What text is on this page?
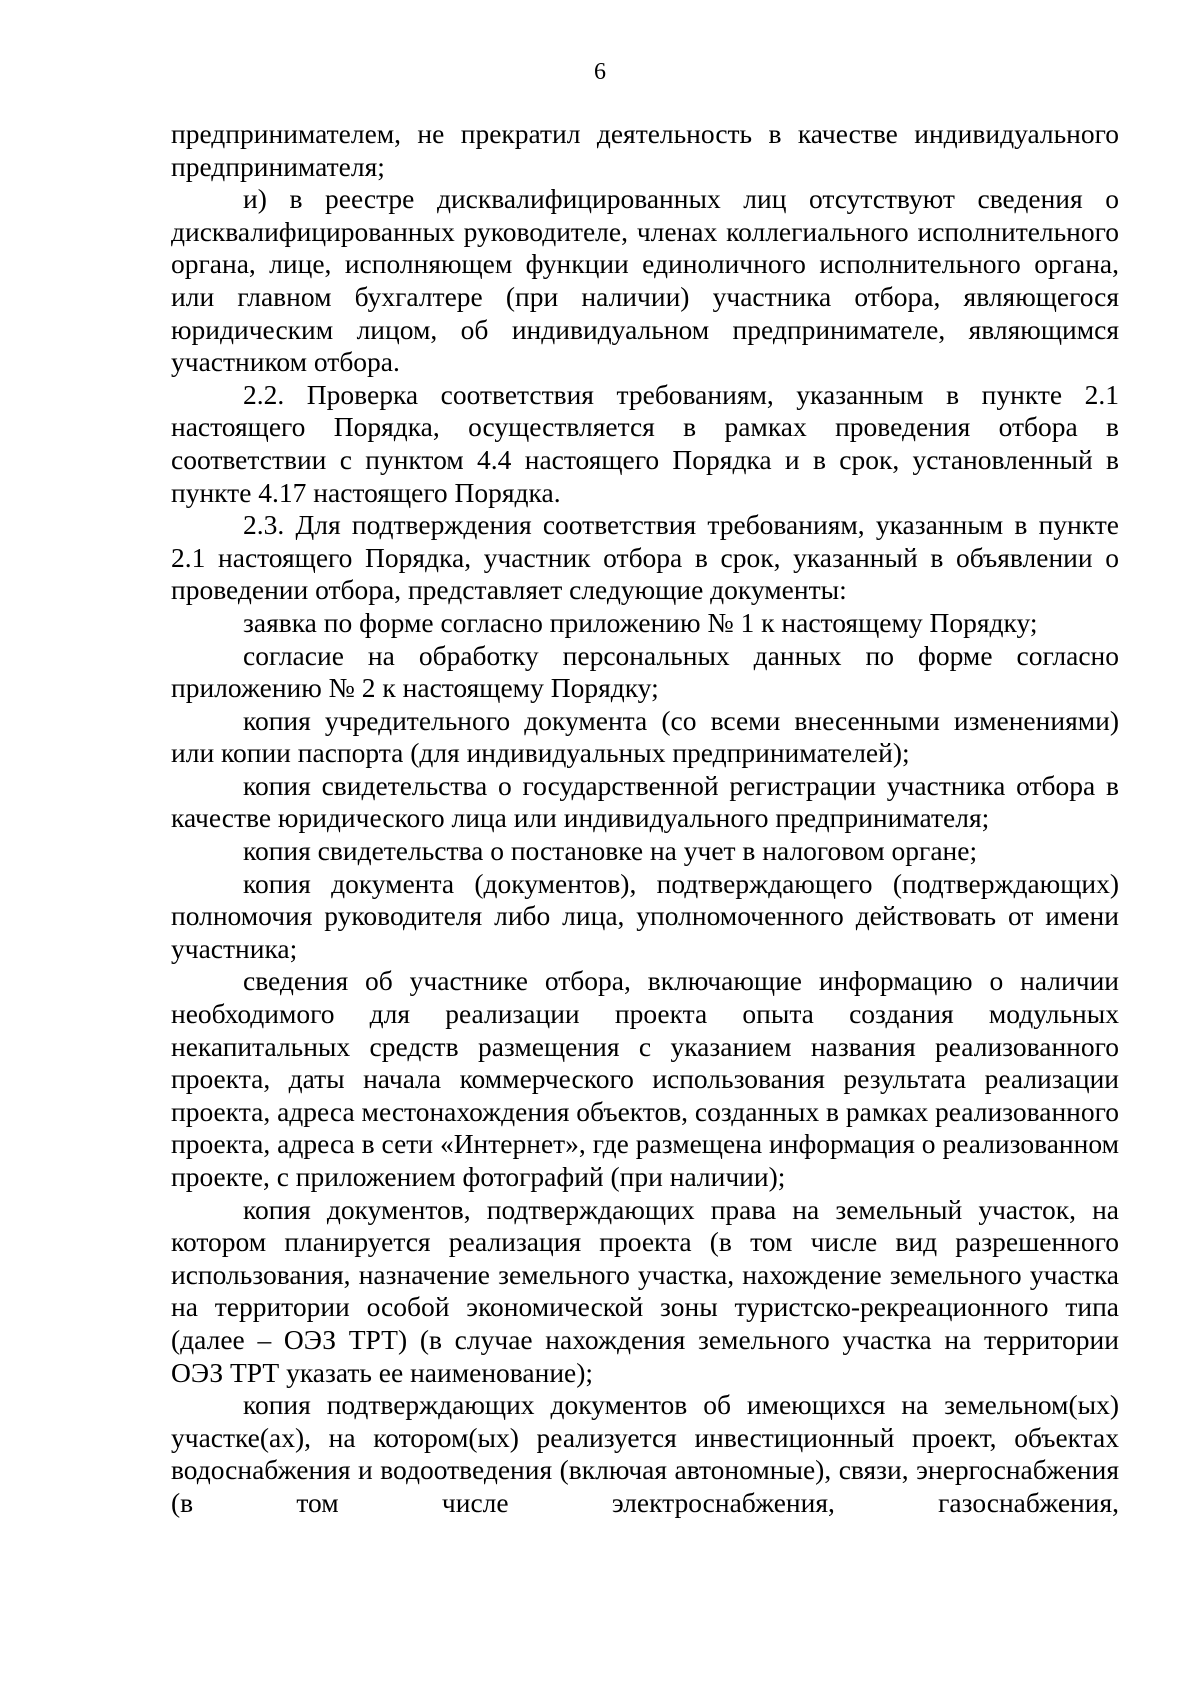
6

предпринимателем, не прекратил деятельность в качестве индивидуального предпринимателя;

и) в реестре дисквалифицированных лиц отсутствуют сведения о дисквалифицированных руководителе, членах коллегиального исполнительного органа, лице, исполняющем функции единоличного исполнительного органа, или главном бухгалтере (при наличии) участника отбора, являющегося юридическим лицом, об индивидуальном предпринимателе, являющимся участником отбора.

2.2. Проверка соответствия требованиям, указанным в пункте 2.1 настоящего Порядка, осуществляется в рамках проведения отбора в соответствии с пунктом 4.4 настоящего Порядка и в срок, установленный в пункте 4.17 настоящего Порядка.

2.3. Для подтверждения соответствия требованиям, указанным в пункте 2.1 настоящего Порядка, участник отбора в срок, указанный в объявлении о проведении отбора, представляет следующие документы:

заявка по форме согласно приложению № 1 к настоящему Порядку;

согласие на обработку персональных данных по форме согласно приложению № 2 к настоящему Порядку;

копия учредительного документа (со всеми внесенными изменениями) или копии паспорта (для индивидуальных предпринимателей);

копия свидетельства о государственной регистрации участника отбора в качестве юридического лица или индивидуального предпринимателя;

копия свидетельства о постановке на учет в налоговом органе;

копия документа (документов), подтверждающего (подтверждающих) полномочия руководителя либо лица, уполномоченного действовать от имени участника;

сведения об участнике отбора, включающие информацию о наличии необходимого для реализации проекта опыта создания модульных некапитальных средств размещения с указанием названия реализованного проекта, даты начала коммерческого использования результата реализации проекта, адреса местонахождения объектов, созданных в рамках реализованного проекта, адреса в сети «Интернет», где размещена информация о реализованном проекте, с приложением фотографий (при наличии);

копия документов, подтверждающих права на земельный участок, на котором планируется реализация проекта (в том числе вид разрешенного использования, назначение земельного участка, нахождение земельного участка на территории особой экономической зоны туристско-рекреационного типа (далее – ОЭЗ ТРТ) (в случае нахождения земельного участка на территории ОЭЗ ТРТ указать ее наименование);

копия подтверждающих документов об имеющихся на земельном(ых) участке(ах), на котором(ых) реализуется инвестиционный проект, объектах водоснабжения и водоотведения (включая автономные), связи, энергоснабжения (в том числе электроснабжения, газоснабжения,
